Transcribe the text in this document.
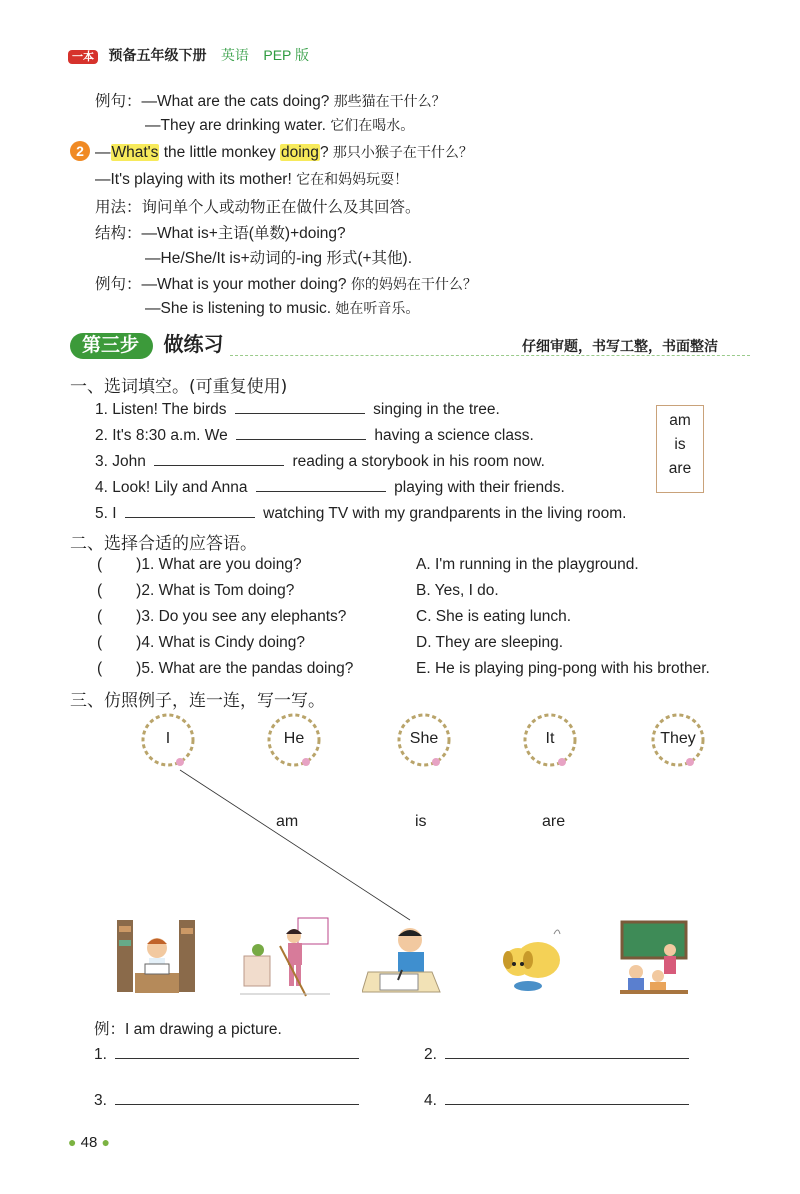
一本 预备五年级下册 英语 PEP 版
例句：—What are the cats doing? 那些猫在干什么？
—They are drinking water. 它们在喝水。
2 —What's the little monkey doing? 那只小猴子在干什么？
—It's playing with its mother! 它在和妈妈玩耍！
用法：询问单个人或动物正在做什么及其回答。
结构：—What is+主语(单数)+doing?
—He/She/It is+动词的-ing 形式(+其他).
例句：—What is your mother doing? 你的妈妈在干什么？
—She is listening to music. 她在听音乐。
第三步 做练习	仔细审题，书写工整，书面整洁
一、选词填空。(可重复使用)
1. Listen! The birds	singing in the tree.
2. It's 8:30 a.m. We	having a science class.
3. John	reading a storybook in his room now.
4. Look! Lily and Anna	playing with their friends.
5. I	watching TV with my grandparents in the living room.
am
is
are
二、选择合适的应答语。
( )1. What are you doing?	A. I'm running in the playground.
( )2. What is Tom doing?	B. Yes, I do.
( )3. Do you see any elephants?	C. She is eating lunch.
( )4. What is Cindy doing?	D. They are sleeping.
( )5. What are the pandas doing?	E. He is playing ping-pong with his brother.
三、仿照例子，连一连，写一写。
I	He	She	It	They
am	is	are
例：I am drawing a picture.
1.	2.
3.	4.
● 48 ●
